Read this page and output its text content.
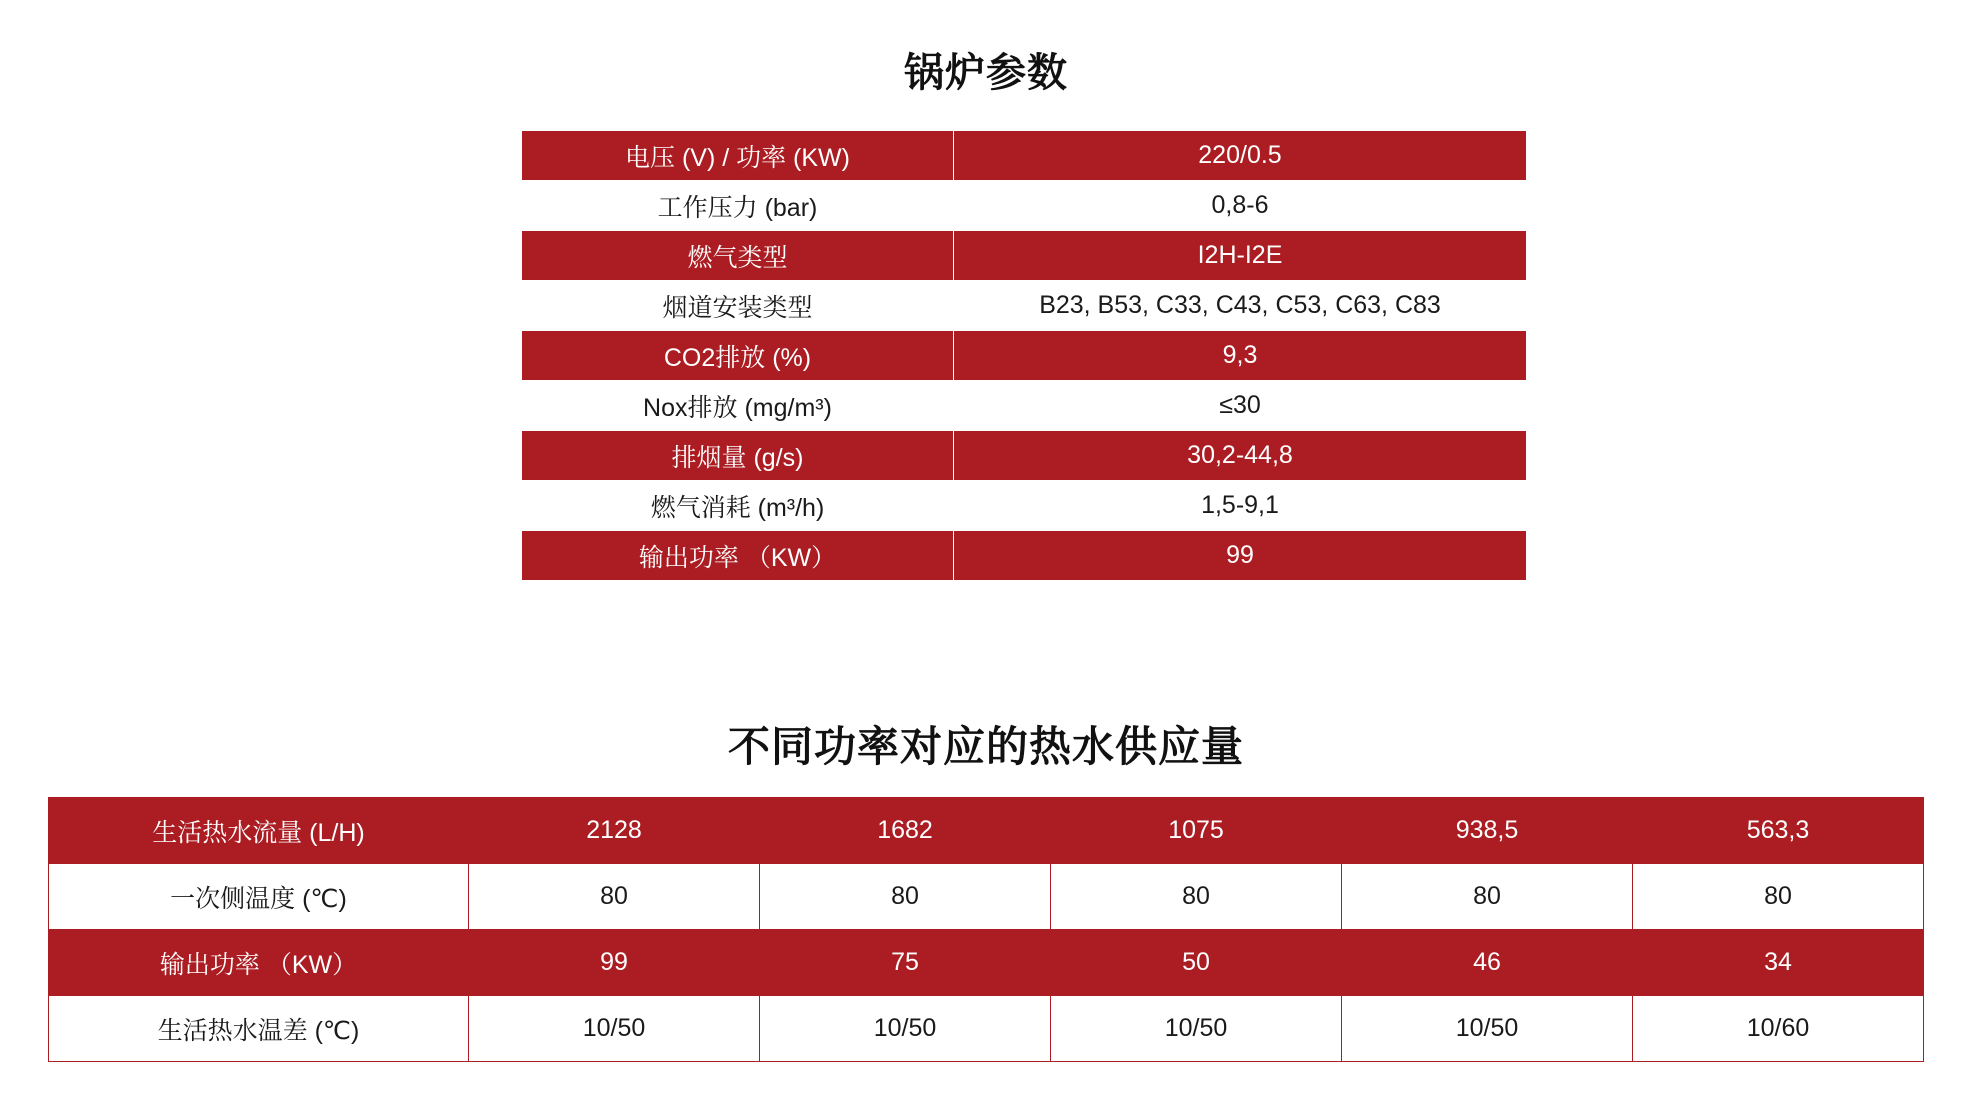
锅炉参数
电压 (V) / 功率 (KW)	220/0.5
工作压力 (bar)	0,8-6
燃气类型	I2H-I2E
烟道安装类型	B23, B53, C33, C43, C53, C63, C83
CO2排放 (%)	9,3
Nox排放 (mg/m³)	≤30
排烟量 (g/s)	30,2-44,8
燃气消耗 (m³/h)	1,5-9,1
输出功率 （KW）	99
不同功率对应的热水供应量
生活热水流量 (L/H)	2128	1682	1075	938,5	563,3
一次侧温度 (℃)	80	80	80	80	80
输出功率 （KW）	99	75	50	46	34
生活热水温差 (℃)	10/50	10/50	10/50	10/50	10/60
